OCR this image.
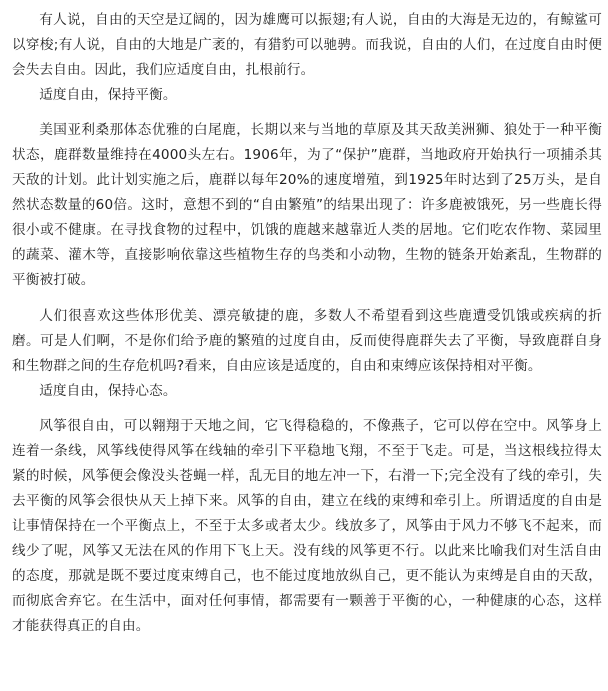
有人说，自由的天空是辽阔的，因为雄鹰可以振翅;有人说，自由的大海是无边的，有鲸鲨可以穿梭;有人说，自由的大地是广袤的，有猎豹可以驰骋。而我说，自由的人们，在过度自由时便会失去自由。因此，我们应适度自由，扎根前行。

适度自由，保持平衡。

美国亚利桑那体态优雅的白尾鹿，长期以来与当地的草原及其天敌美洲狮、狼处于一种平衡状态，鹿群数量维持在4000头左右。1906年，为了“保护”鹿群，当地政府开始执行一项捕杀其天敌的计划。此计划实施之后，鹿群以每年20%的速度增殖，到1925年时达到了25万头，是自然状态数量的60倍。这时，意想不到的“自由繁殖”的结果出现了：许多鹿被饿死，另一些鹿长得很小或不健康。在寻找食物的过程中，饥饿的鹿越来越靠近人类的居地。它们吃农作物、菜园里的蔬菜、灌木等，直接影响依靠这些植物生存的鸟类和小动物，生物的链条开始紊乱，生物群的平衡被打破。

人们很喜欢这些体形优美、漂亮敏捷的鹿，多数人不希望看到这些鹿遭受饥饿或疾病的折磨。可是人们啊，不是你们给予鹿的繁殖的过度自由，反而使得鹿群失去了平衡，导致鹿群自身和生物群之间的生存危机吗?看来，自由应该是适度的，自由和束缚应该保持相对平衡。

适度自由，保持心态。

风筝很自由，可以翱翔于天地之间，它飞得稳稳的，不像燕子，它可以停在空中。风筝身上连着一条线，风筝线使得风筝在线轴的牵引下平稳地飞翔，不至于飞走。可是，当这根线拉得太紧的时候，风筝便会像没头苍蝇一样，乱无目的地左冲一下，右滑一下;完全没有了线的牵引，失去平衡的风筝会很快从天上掉下来。风筝的自由，建立在线的束缚和牵引上。所谓适度的自由是让事情保持在一个平衡点上，不至于太多或者太少。线放多了，风筝由于风力不够飞不起来，而线少了呢，风筝又无法在风的作用下飞上天。没有线的风筝更不行。以此来比喻我们对生活自由的态度，那就是既不要过度束缚自己，也不能过度地放纵自己，更不能认为束缚是自由的天敌，而彻底舍弃它。在生活中，面对任何事情，都需要有一颗善于平衡的心，一种健康的心态，这样才能获得真正的自由。
